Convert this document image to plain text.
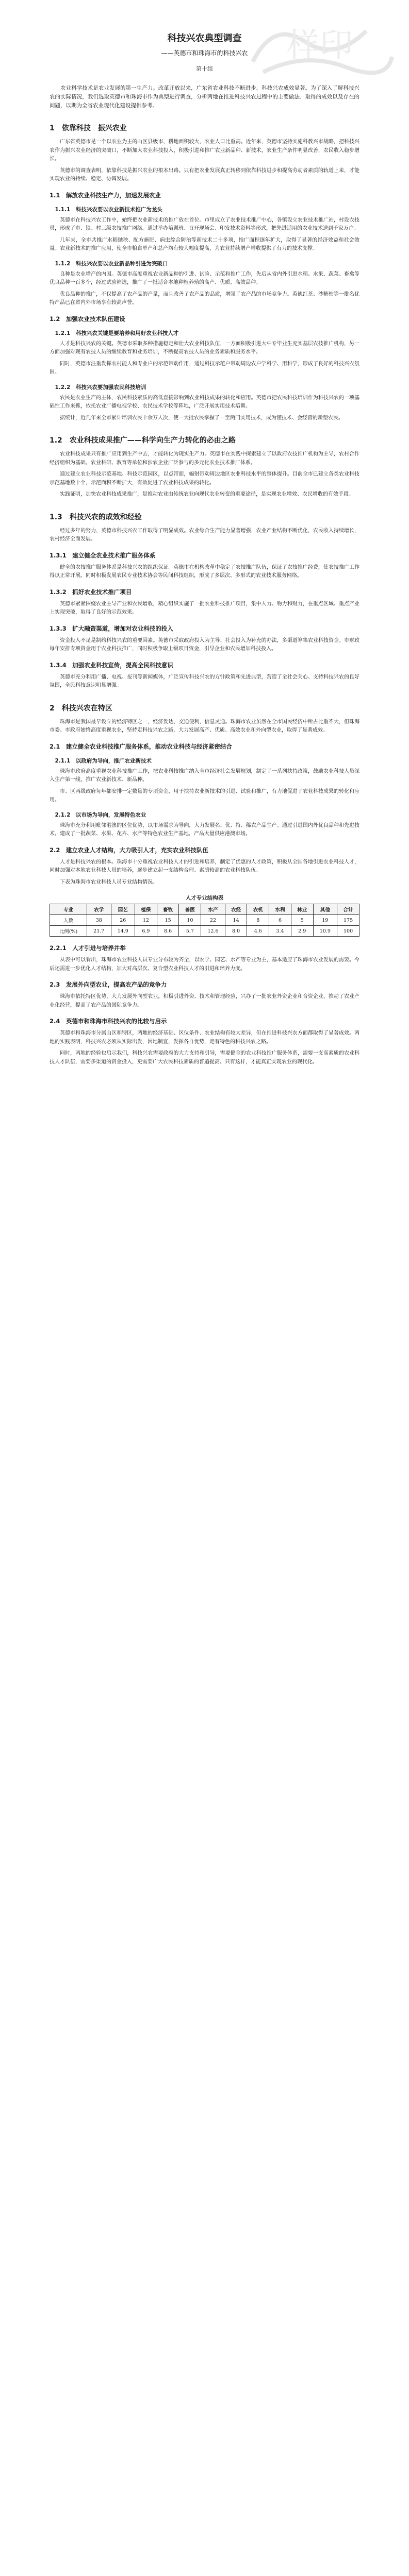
样印
科技兴农典型调查
——英德市和珠海市的科技兴农
第十组

农业科学技术是农业发展的第一生产力。改革开放以来，广东省农业科技不断进步，科技兴农成效显著。为了深入了解科技兴农的实际情况，我们选取英德市和珠海市作为典型进行调查，分析两地在推进科技兴农过程中的主要做法、取得的成效以及存在的问题，以期为全省农业现代化建设提供参考。

1　依靠科技　振兴农业

广东省英德市是一个以农业为主的山区县级市，耕地面积较大，农业人口比重高。近年来，英德市坚持实施科教兴市战略，把科技兴农作为振兴农业经济的突破口，不断加大农业科技投入，积极引进和推广农业新品种、新技术，农业生产条件明显改善，农民收入稳步增长。

英德市的调查表明，依靠科技是振兴农业的根本出路。只有把农业发展真正转移到依靠科技进步和提高劳动者素质的轨道上来，才能实现农业的持续、稳定、协调发展。

1.1　解放农业科技生产力，加速发展农业
1.1.1　科技兴农要以农业新技术推广为龙头

英德市在科技兴农工作中，始终把农业新技术的推广放在首位。市里成立了农业技术推广中心，各镇设立农业技术推广站，村设农技员，形成了市、镇、村三级农技推广网络。通过举办培训班、召开现场会、印发技术资料等形式，把先进适用的农业技术送到千家万户。

几年来，全市共推广水稻抛秧、配方施肥、病虫综合防治等新技术二十多项，推广面积逐年扩大，取得了显著的经济效益和社会效益。农业新技术的推广应用，使全市粮食单产和总产均有较大幅度提高，为农业持续增产增收提供了有力的技术支撑。

1.1.2　科技兴农要以农业新品种引进为突破口

良种是农业增产的内因。英德市高度重视农业新品种的引进、试验、示范和推广工作，先后从省内外引进水稻、水果、蔬菜、畜禽等优良品种一百多个，经过试验筛选，推广了一批适合本地种植养殖的高产、优质、高效品种。

优良品种的推广，不仅提高了农产品的产量，而且改善了农产品的品质，增强了农产品的市场竞争力。英德红茶、沙糖桔等一批名优特产品已在省内外市场享有较高声誉。

1.2　加强农业技术队伍建设
1.2.1　科技兴农关键是要培养和用好农业科技人才

人才是科技兴农的关键。英德市采取多种措施稳定和壮大农业科技队伍，一方面积极引进大中专毕业生充实基层农技推广机构，另一方面加强对现有农技人员的继续教育和业务培训，不断提高农技人员的业务素质和服务水平。

同时，英德市注重发挥农村能人和专业户的示范带动作用，通过科技示范户带动周边农户学科学、用科学，形成了良好的科技兴农氛围。

1.2.2　科技兴农要加强农民科技培训

农民是农业生产的主体，农民科技素质的高低直接影响到农业科技成果的转化和应用。英德市把农民科技培训作为科技兴农的一项基础性工作来抓，依托农业广播电视学校、农民技术学校等阵地，广泛开展实用技术培训。

据统计，近几年来全市累计培训农民十余万人次，使一大批农民掌握了一至两门实用技术，成为懂技术、会经营的新型农民。

1.2　农业科技成果推广——科学向生产力转化的必由之路

农业科技成果只有推广应用到生产中去，才能转化为现实生产力。英德市在实践中探索建立了以政府农技推广机构为主导，农村合作经济组织为基础，农业科研、教育等单位和涉农企业广泛参与的多元化农业技术推广体系。

通过建立农业科技示范基地、科技示范园区，以点带面，辐射带动周边地区农业科技水平的整体提升。目前全市已建立各类农业科技示范基地数十个，示范面积不断扩大，有效促进了农业科技成果的转化。

实践证明，加快农业科技成果推广，是推动农业由传统农业向现代农业转变的重要途径，是实现农业增效、农民增收的有效手段。

1.3　科技兴农的成效和经验

经过多年的努力，英德市科技兴农工作取得了明显成效。农业综合生产能力显著增强，农业产业结构不断优化，农民收入持续增长，农村经济全面发展。

1.3.1　建立健全农业技术推广服务体系

健全的农技推广服务体系是科技兴农的组织保证。英德市在机构改革中稳定了农技推广队伍，保证了农技推广经费，使农技推广工作得以正常开展。同时积极发展农民专业技术协会等民间科技组织，形成了多层次、多形式的农业技术服务网络。

1.3.2　抓好农业技术推广项目

英德市紧紧围绕农业主导产业和农民增收，精心组织实施了一批农业科技推广项目，集中人力、物力和财力，在重点区域、重点产业上实现突破，取得了良好的示范效果。

1.3.3　扩大融资渠道，增加对农业科技的投入

资金投入不足是制约科技兴农的重要因素。英德市采取政府投入为主导、社会投入为补充的办法，多渠道筹集农业科技资金。市财政每年安排专项资金用于农业科技推广，同时积极争取上级项目资金，引导企业和农民增加科技投入。

1.3.4　加强农业科技宣传，提高全民科技意识

英德市充分利用广播、电视、报刊等新闻媒体，广泛宣传科技兴农的方针政策和先进典型，营造了全社会关心、支持科技兴农的良好氛围，全民科技意识明显增强。

2　科技兴农在特区

珠海市是我国最早设立的经济特区之一，经济发达，交通便利，信息灵通。珠海市农业虽然在全市国民经济中所占比重不大，但珠海市委、市政府始终高度重视农业，坚持走科技兴农之路，大力发展高产、优质、高效农业和外向型农业，取得了显著成效。

2.1　建立健全农业科技推广服务体系，推动农业科技与经济紧密结合
2.1.1　以政府为导向，推广农业新技术

珠海市政府高度重视农业科技推广工作，把农业科技推广纳入全市经济社会发展规划，制定了一系列扶持政策，鼓励农业科技人员深入生产第一线，推广农业新技术、新品种。

市、区两级政府每年都安排一定数量的专项资金，用于扶持农业新技术的引进、试验和推广，有力地促进了农业科技成果的转化和应用。

2.1.2　以市场为导向，发展特色农业

珠海市充分利用毗邻港澳的区位优势，以市场需求为导向，大力发展名、优、特、稀农产品生产。通过引进国内外优良品种和先进技术，建成了一批蔬菜、水果、花卉、水产等特色农业生产基地，产品大量供应港澳市场。

2.2　建立农业人才结构，大力吸引人才，充实农业科技队伍

人才是科技兴农的根本。珠海市十分重视农业科技人才的引进和培养，制定了优惠的人才政策，积极从全国各地引进农业科技人才，同时加强对本地农业科技人员的培养，逐步建立起一支结构合理、素质较高的农业科技队伍。

下表为珠海市农业科技人员专业结构情况。

人才专业结构表
专业	农学	园艺	植保	畜牧	兽医	水产	农经	农机	水利	林业	其他	合计
人数	38	26	12	15	10	22	14	8	6	5	19	175
比例(%)	21.7	14.9	6.9	8.6	5.7	12.6	8.0	4.6	3.4	2.9	10.9	100
2.2.1　人才引进与培养并举

从表中可以看出，珠海市农业科技人员专业分布较为齐全，以农学、园艺、水产等专业为主，基本适应了珠海市农业发展的需要。今后还需进一步优化人才结构，加大对高层次、复合型农业科技人才的引进和培养力度。

2.3　发展外向型农业，提高农产品的竞争力

珠海市依托特区优势，大力发展外向型农业，积极引进外资、技术和管理经验，兴办了一批农业外资企业和合资企业，推动了农业产业化经营，提高了农产品的国际竞争力。

2.4　英德市和珠海市科技兴农的比较与启示

英德市和珠海市分属山区和特区，两地的经济基础、区位条件、农业结构有较大差异，但在推进科技兴农方面都取得了显著成效。两地的实践表明，科技兴农必须从实际出发，因地制宜，发挥各自优势，走有特色的科技兴农之路。

同时，两地的经验也启示我们，科技兴农需要政府的大力支持和引导，需要健全的农业科技推广服务体系，需要一支高素质的农业科技人才队伍，需要多渠道的资金投入，更需要广大农民科技素质的普遍提高。只有这样，才能真正实现农业的现代化。
